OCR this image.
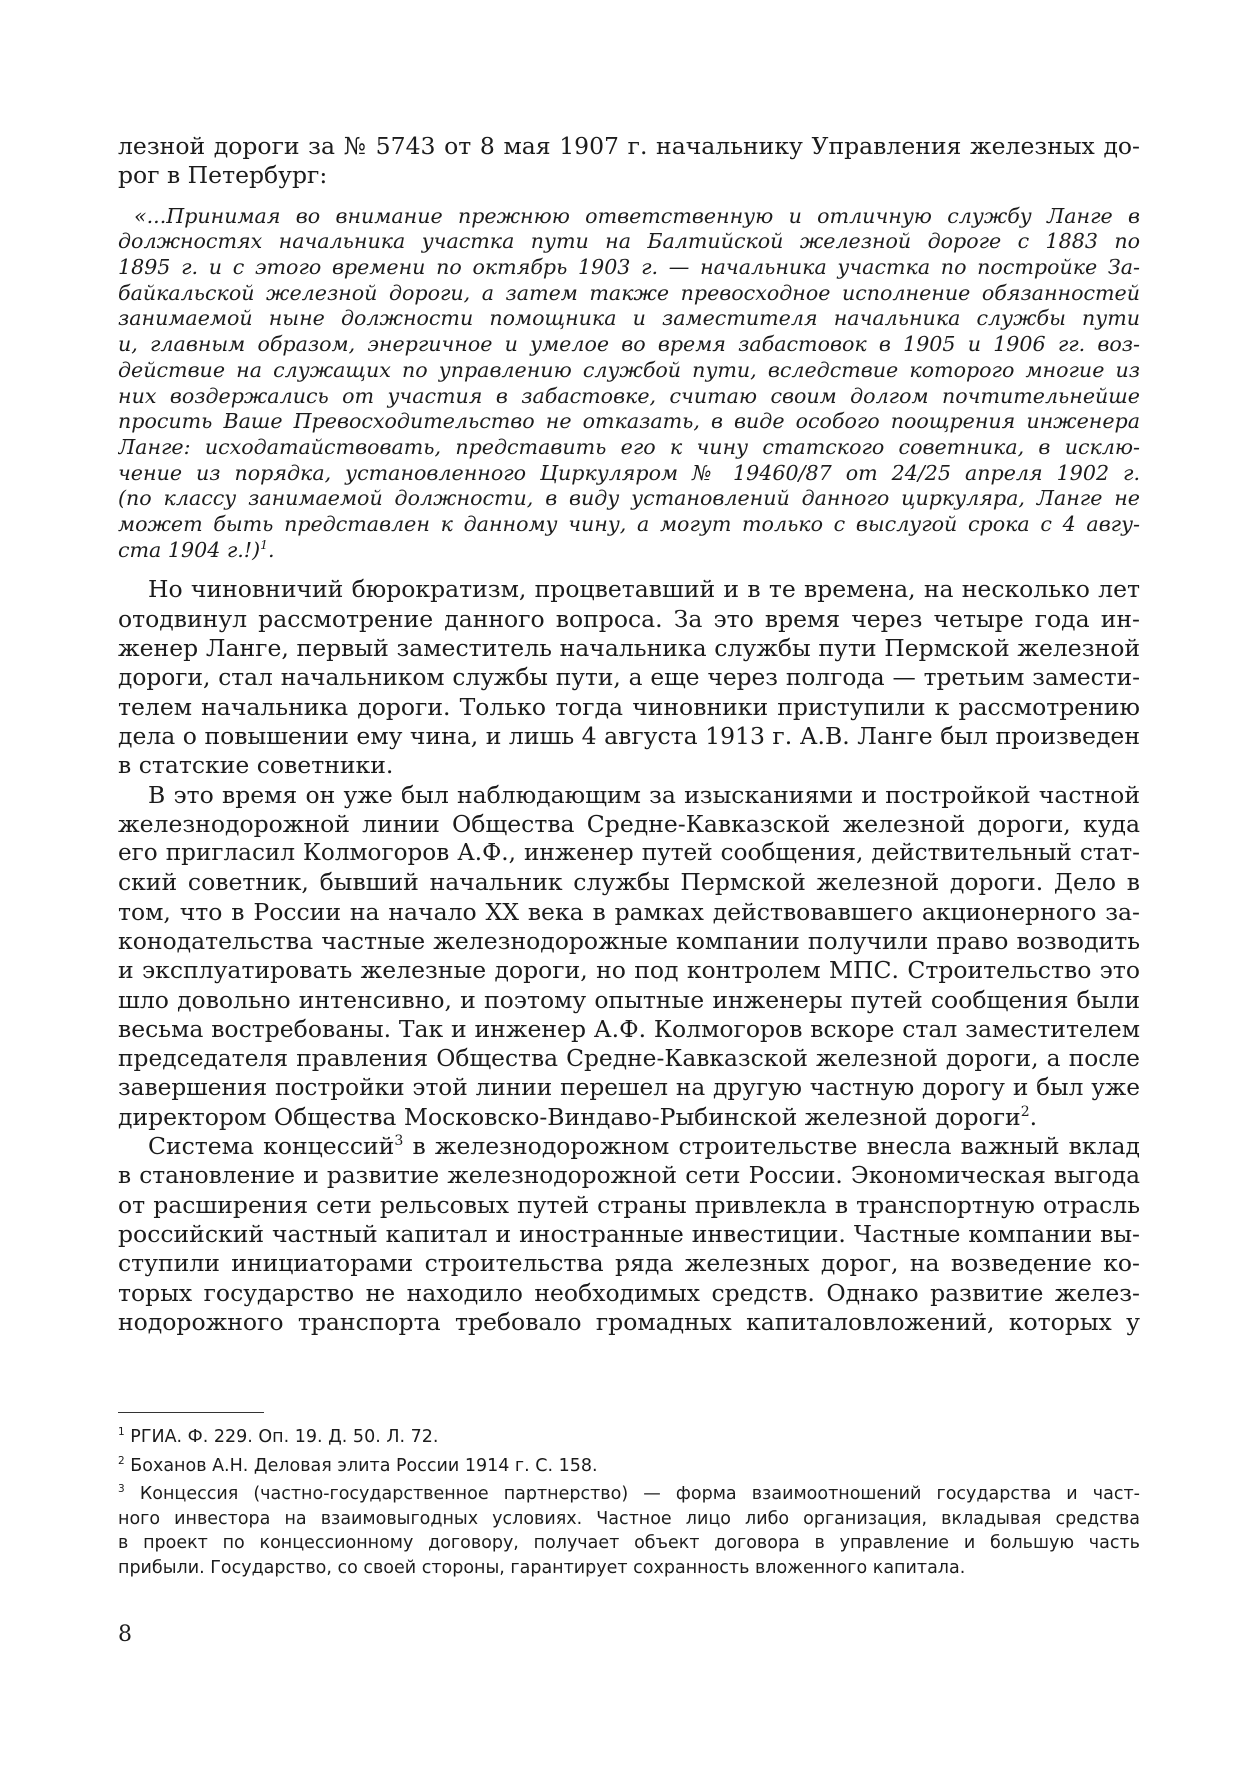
лезной дороги за № 5743 от 8 мая 1907 г. начальнику Управления железных до-
рог в Петербург:
«...Принимая во внимание прежнюю ответственную и отличную службу Ланге в
должностях начальника участка пути на Балтийской железной дороге с 1883 по
1895 г. и с этого времени по октябрь 1903 г. — начальника участка по постройке За-
байкальской железной дороги, а затем также превосходное исполнение обязанностей
занимаемой ныне должности помощника и заместителя начальника службы пути
и, главным образом, энергичное и умелое во время забастовок в 1905 и 1906 гг. воз-
действие на служащих по управлению службой пути, вследствие которого многие из
них воздержались от участия в забастовке, считаю своим долгом почтительнейше
просить Ваше Превосходительство не отказать, в виде особого поощрения инженера
Ланге: исходатайствовать, представить его к чину статского советника, в исклю-
чение из порядка, установленного Циркуляром № 19460/87 от 24/25 апреля 1902 г.
(по классу занимаемой должности, в виду установлений данного циркуляра, Ланге не
может быть представлен к данному чину, а могут только с выслугой срока с 4 авгу-
ста 1904 г.!)$^1$.
Но чиновничий бюрократизм, процветавший и в те времена, на несколько лет
отодвинул рассмотрение данного вопроса. За это время через четыре года ин-
женер Ланге, первый заместитель начальника службы пути Пермской железной
дороги, стал начальником службы пути, а еще через полгода — третьим замести-
телем начальника дороги. Только тогда чиновники приступили к рассмотрению
дела о повышении ему чина, и лишь 4 августа 1913 г. А.В. Ланге был произведен
в статские советники.
В это время он уже был наблюдающим за изысканиями и постройкой частной
железнодорожной линии Общества Средне-Кавказской железной дороги, куда
его пригласил Колмогоров А.Ф., инженер путей сообщения, действительный стат-
ский советник, бывший начальник службы Пермской железной дороги. Дело в
том, что в России на начало XX века в рамках действовавшего акционерного за-
конодательства частные железнодорожные компании получили право возводить
и эксплуатировать железные дороги, но под контролем МПС. Строительство это
шло довольно интенсивно, и поэтому опытные инженеры путей сообщения были
весьма востребованы. Так и инженер А.Ф. Колмогоров вскоре стал заместителем
председателя правления Общества Средне-Кавказской железной дороги, а после
завершения постройки этой линии перешел на другую частную дорогу и был уже
директором Общества Московско-Виндаво-Рыбинской железной дороги$^2$.
Система концессий$^3$ в железнодорожном строительстве внесла важный вклад
в становление и развитие железнодорожной сети России. Экономическая выгода
от расширения сети рельсовых путей страны привлекла в транспортную отрасль
российский частный капитал и иностранные инвестиции. Частные компании вы-
ступили инициаторами строительства ряда железных дорог, на возведение ко-
торых государство не находило необходимых средств. Однако развитие желез-
нодорожного транспорта требовало громадных капиталовложений, которых у
$^1$ РГИА. Ф. 229. Оп. 19. Д. 50. Л. 72.
$^2$ Боханов А.Н. Деловая элита России 1914 г. С. 158.
$^3$ Концессия (частно-государственное партнерство) — форма взаимоотношений государства и част-
ного инвестора на взаимовыгодных условиях. Частное лицо либо организация, вкладывая средства
в проект по концессионному договору, получает объект договора в управление и большую часть
прибыли. Государство, со своей стороны, гарантирует сохранность вложенного капитала.
8
